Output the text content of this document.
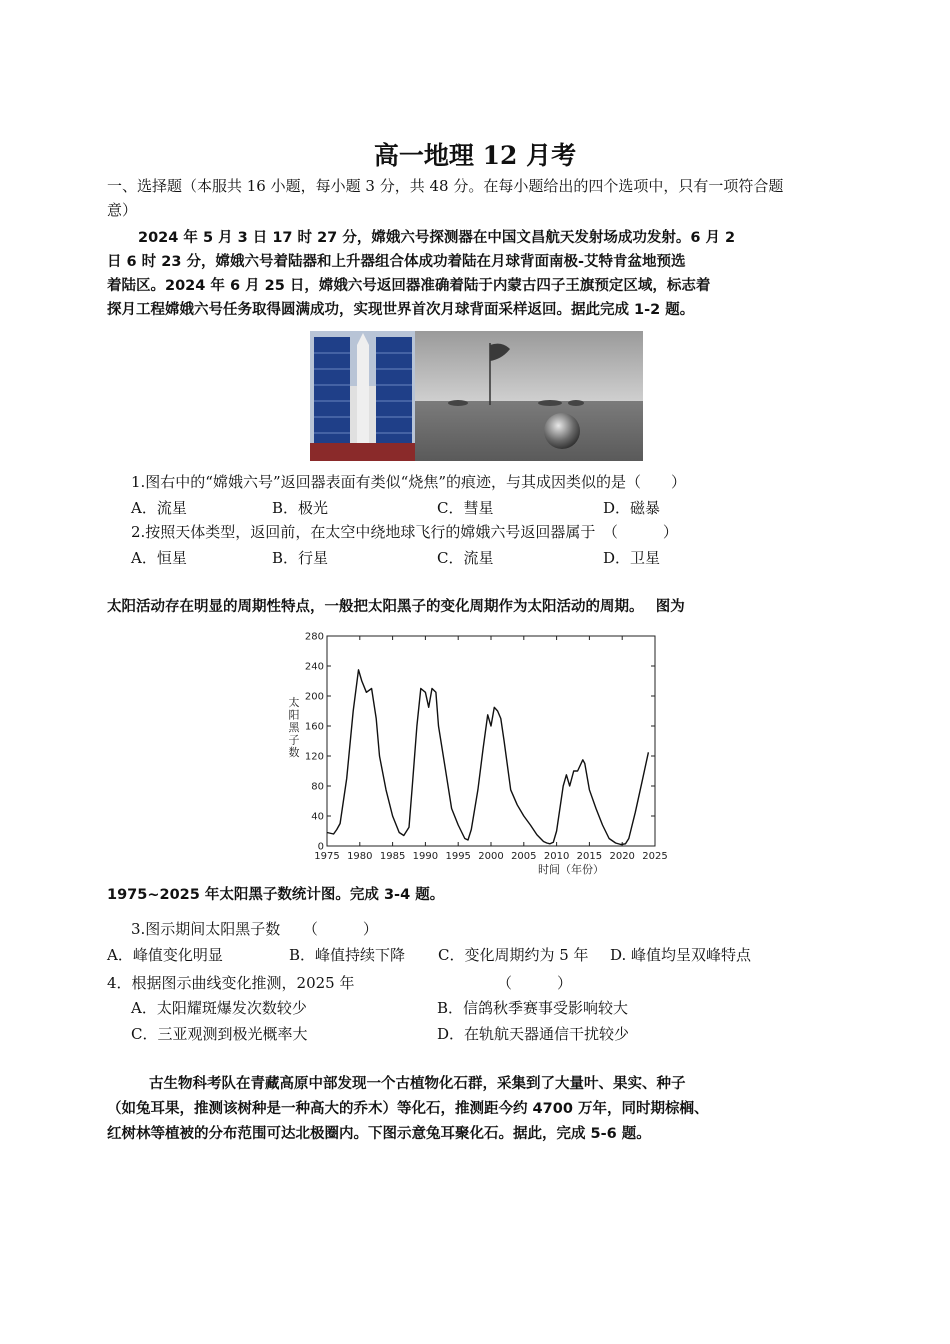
高一地理 12 月考
一、选择题（本服共 16 小题，每小题 3 分，共 48 分。在每小题给出的四个选项中，只有一项符合题
意）
2024 年 5 月 3 日 17 时 27 分，嫦娥六号探测器在中国文昌航天发射场成功发射。6 月 2
日 6 时 23 分，嫦娥六号着陆器和上升器组合体成功着陆在月球背面南极-艾特肯盆地预选
着陆区。2024 年 6 月 25 日，嫦娥六号返回器准确着陆于内蒙古四子王旗预定区域，标志着
探月工程嫦娥六号任务取得圆满成功，实现世界首次月球背面采样返回。据此完成 1-2 题。
1.图右中的“嫦娥六号”返回器表面有类似“烧焦”的痕迹，与其成因类似的是（　　）
A．流星	B．极光	C．彗星	D．磁暴
2.按照天体类型，返回前，在太空中绕地球飞行的嫦娥六号返回器属于　（　　　）
A．恒星	B．行星	C．流星	D．卫星
太阳活动存在明显的周期性特点，一般把太阳黑子的变化周期作为太阳活动的周期。　 图为
0
40
80
120
160
200
240
280
1975 1980 1985 1990 1995 2000 2005 2010 2015 2020 2025
时间（年份）
太阳黑子数
1975~2025 年太阳黑子数统计图。完成 3-4 题。
3.图示期间太阳黑子数　　（　　　）
A．峰值变化明显	B．峰值持续下降 C．变化周期约为 5 年 D. 峰值均呈双峰特点
4．根据图示曲线变化推测，2025 年	（　　　）
A．太阳耀斑爆发次数较少	B．信鸽秋季赛事受影响较大
C．三亚观测到极光概率大	D．在轨航天器通信干扰较少
古生物科考队在青藏高原中部发现一个古植物化石群，采集到了大量叶、果实、种子
（如兔耳果，推测该树种是一种高大的乔木）等化石，推测距今约 4700 万年，同时期棕榈、
红树林等植被的分布范围可达北极圈内。下图示意兔耳聚化石。据此，完成 5-6 题。
